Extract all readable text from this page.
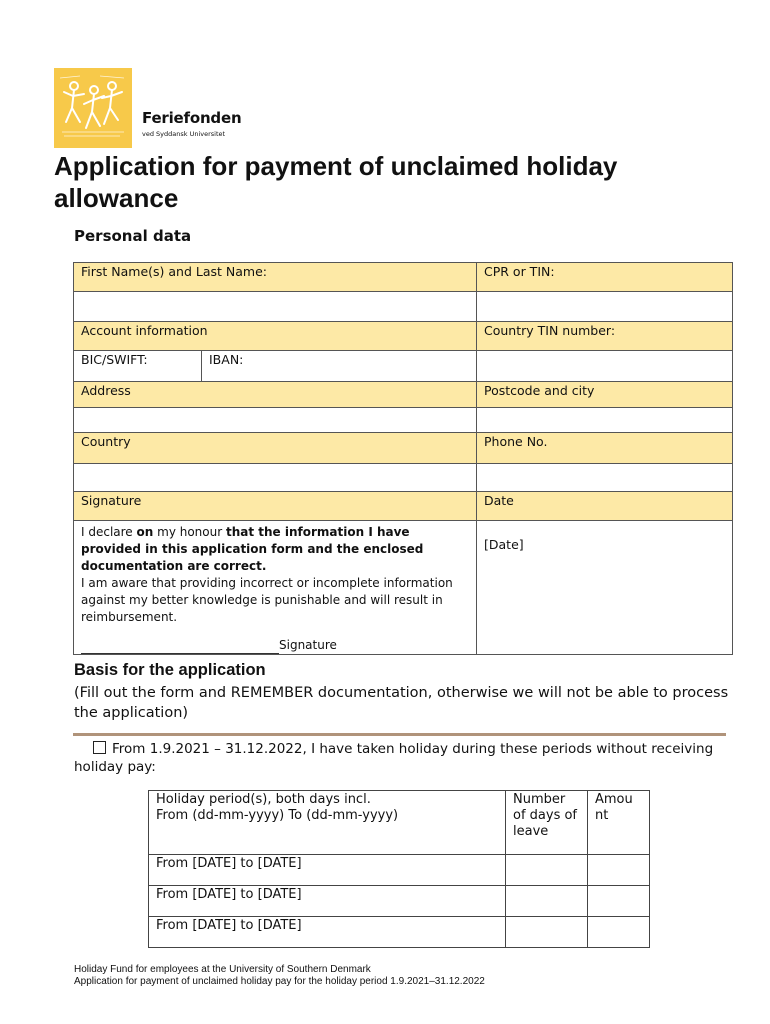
Feriefonden
ved Syddansk Universitet
Application for payment of unclaimed holiday allowance
Personal data
First Name(s) and Last Name:		CPR or TIN:

Account information		Country TIN number:
BIC/SWIFT:	IBAN:	
Address		Postcode and city

Country		Phone No.

Signature		Date

I declare on my honour that the information I have provided in this application form and the enclosed documentation are correct.
I am aware that providing incorrect or incomplete information against my better knowledge is punishable and will result in reimbursement.
Signature		[Date]
Basis for the application
(Fill out the form and REMEMBER documentation, otherwise we will not be able to process the application)
From 1.9.2021 – 31.12.2022, I have taken holiday during these periods without receiving holiday pay:
Holiday period(s), both days incl.
From (dd-mm-yyyy) To (dd-mm-yyyy)	Number of days of leave	Amou nt
From [DATE] to [DATE]		
From [DATE] to [DATE]		
From [DATE] to [DATE]		
Holiday Fund for employees at the University of Southern Denmark
Application for payment of unclaimed holiday pay for the holiday period 1.9.2021–31.12.2022
